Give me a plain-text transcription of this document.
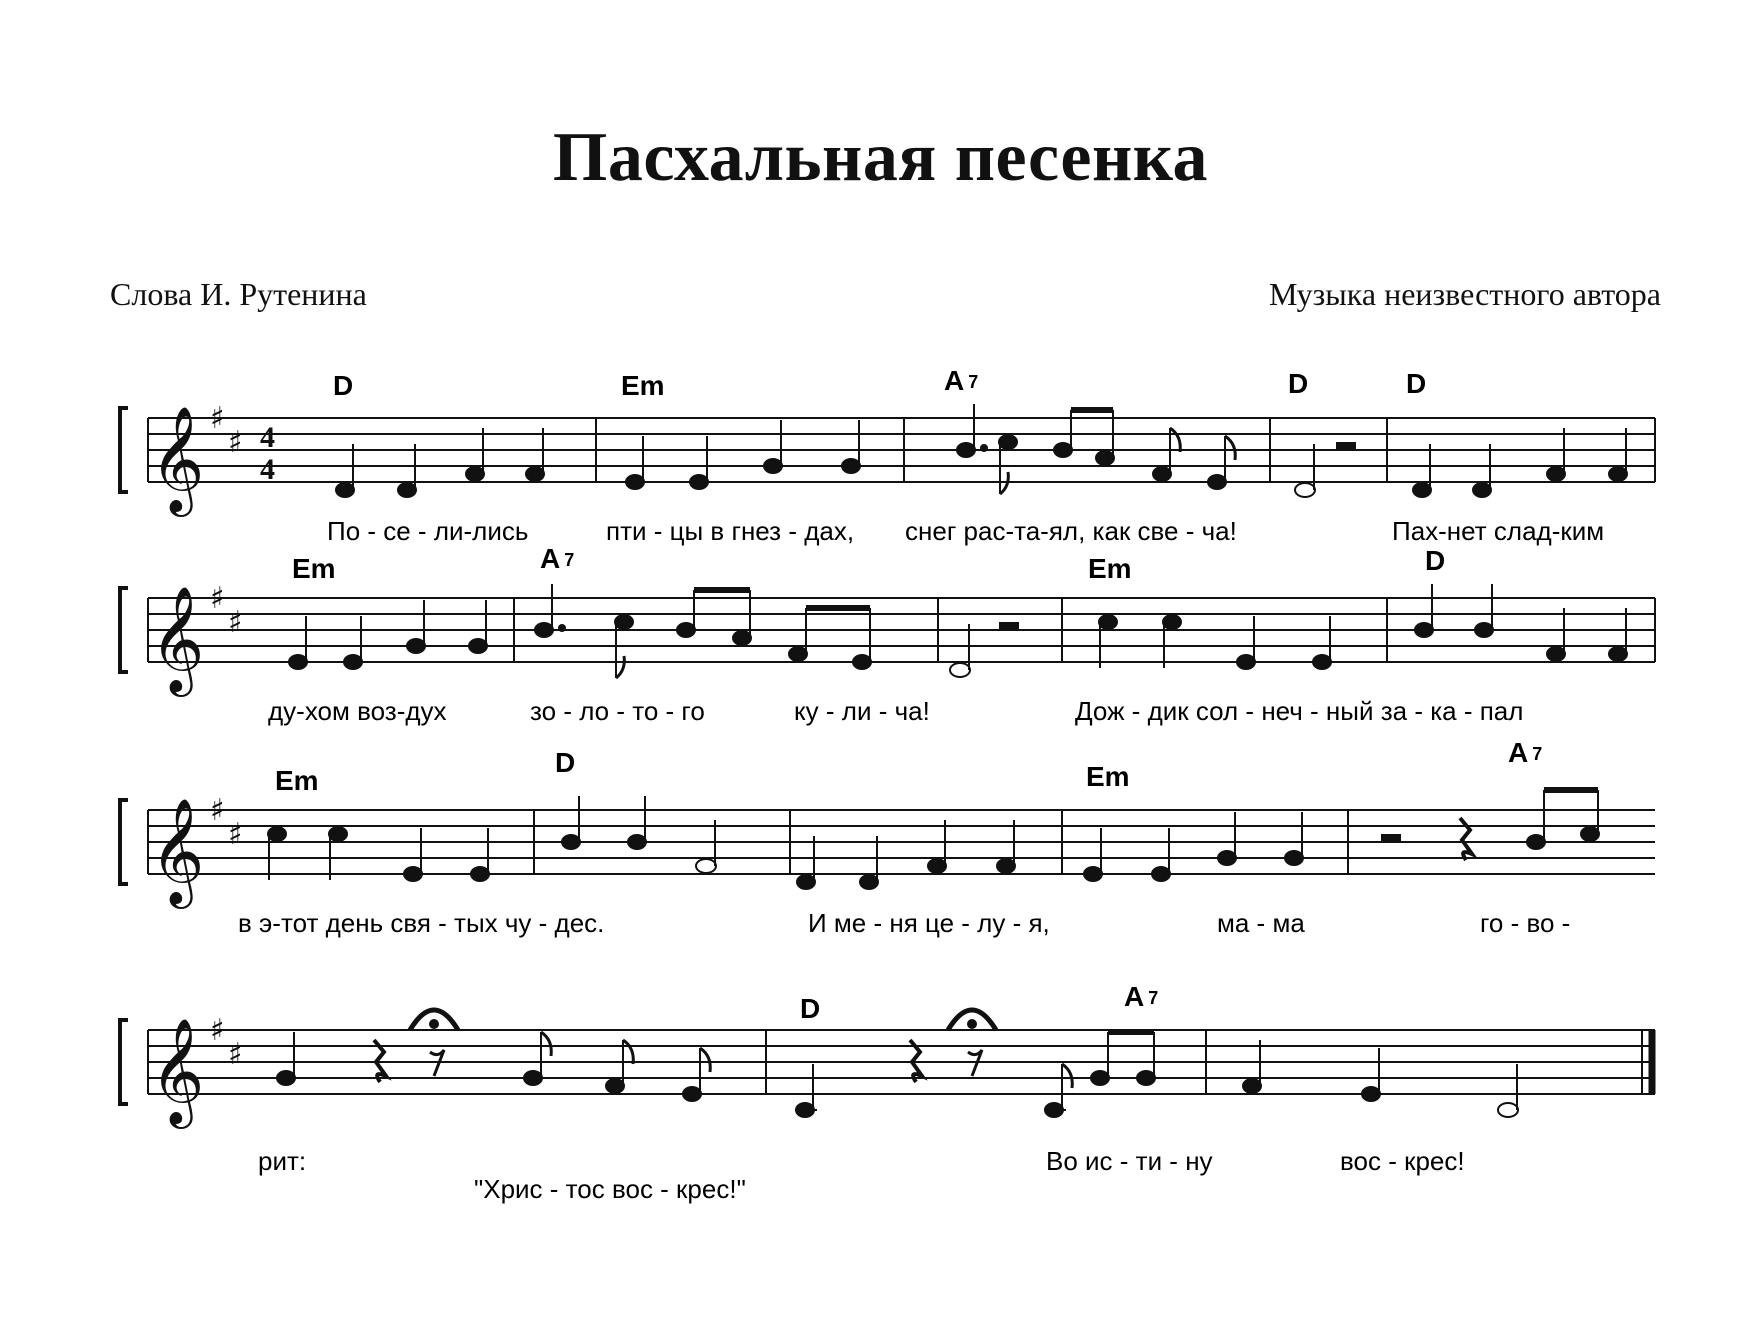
Пасхальная песенка
Слова И. Рутенина	Музыка неизвестного автора
𝄞 ♯
♯ 4
4
D	Em	A 7	D	D
По - се - ли-лись	пти - цы в гнез - дах, снег рас-та-ял, как све - ча!	Пах-нет слад-ким
𝄞 ♯
♯
Em	A 7	Em	D
ду-хом воз-дух	зо - ло - то - го	ку - ли - ча!	Дож - дик сол - неч - ный за - ка - пал
𝄞 ♯
♯
Em
D	Em
A 7
в э-тот день свя - тых чу - дес.	И ме - ня це - лу - я,	ма - ма	го - во -
𝄞 ♯
♯
D	A 7
рит:
"Хрис - тос вос - крес!"
Во ис - ти - ну	вос - крес!
